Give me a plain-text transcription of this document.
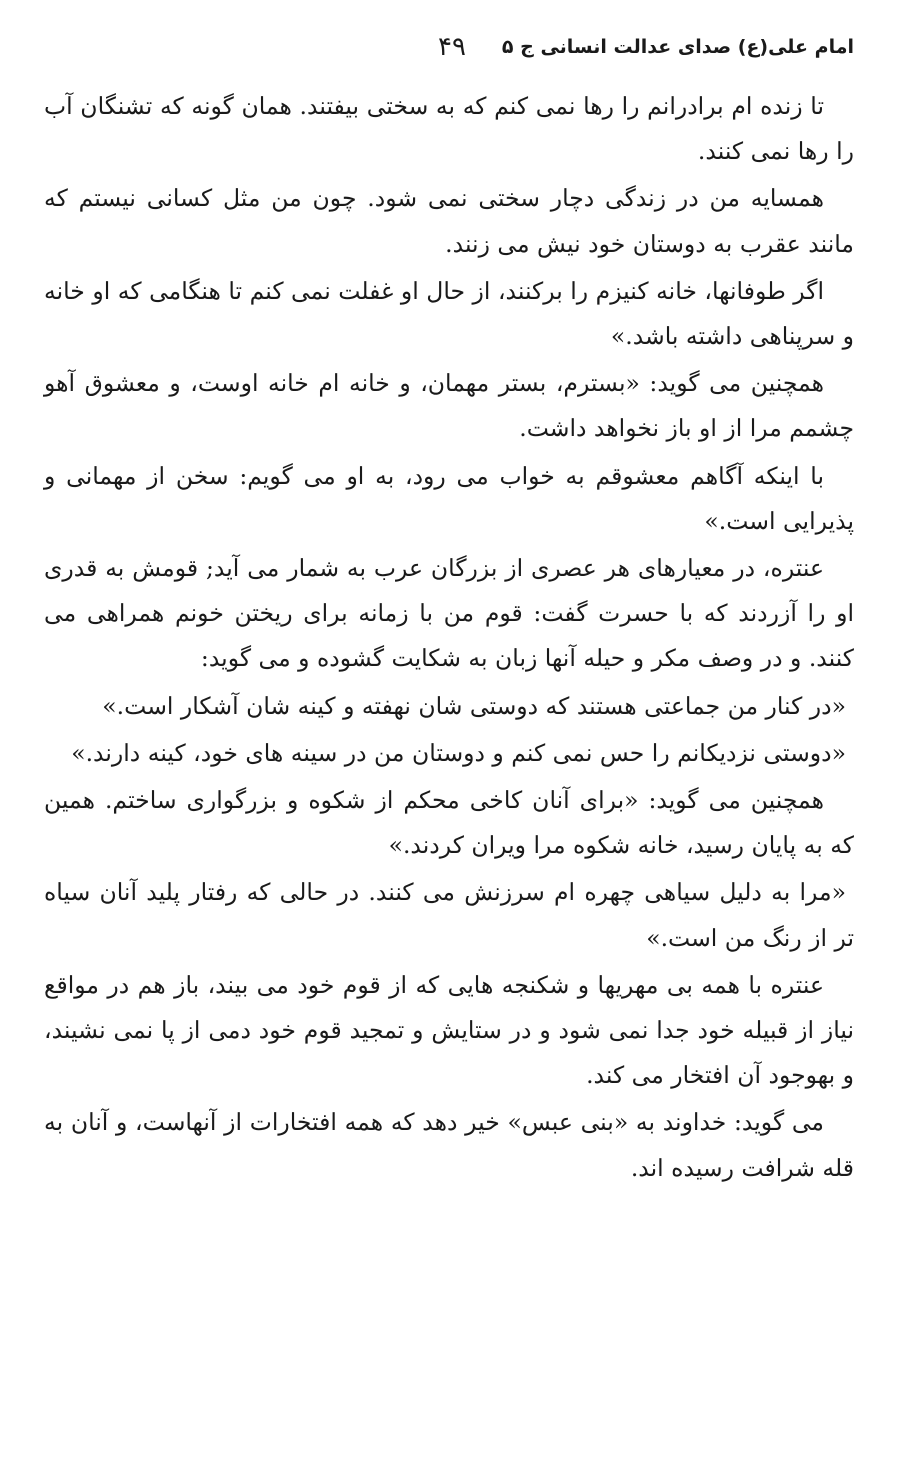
امام علی(ع) صدای عدالت انسانی ج ۵
۴۹

تا زنده ام برادرانم را رها نمی کنم که به سختی بیفتند. همان گونه که تشنگان آب را رها نمی کنند.

همسایه من در زندگی دچار سختی نمی شود. چون من مثل کسانی نیستم که مانند عقرب به دوستان خود نیش می زنند.

اگر طوفانها، خانه کنیزم را برکنند، از حال او غفلت نمی کنم تا هنگامی که او خانه و سرپناهی داشته باشد.»

همچنین می گوید: «بسترم، بستر مهمان، و خانه ام خانه اوست، و معشوق آهو چشمم مرا از او باز نخواهد داشت.

با اینکه آگاهم معشوقم به خواب می رود، به او می گویم: سخن از مهمانی و پذیرایی است.»

عنتره، در معیارهای هر عصری از بزرگان عرب به شمار می آید; قومش به قدری او را آزردند که با حسرت گفت: قوم من با زمانه برای ریختن خونم همراهی می کنند. و در وصف مکر و حیله آنها زبان به شکایت گشوده و می گوید:

«در کنار من جماعتی هستند که دوستی شان نهفته و کینه شان آشکار است.»

«دوستی نزدیکانم را حس نمی کنم و دوستان من در سینه های خود، کینه دارند.»

همچنین می گوید: «برای آنان کاخی محکم از شکوه و بزرگواری ساختم. همین که به پایان رسید، خانه شکوه مرا ویران کردند.»

«مرا به دلیل سیاهی چهره ام سرزنش می کنند. در حالی که رفتار پلید آنان سیاه تر از رنگ من است.»

عنتره با همه بی مهریها و شکنجه هایی که از قوم خود می بیند، باز هم در مواقع نیاز از قبیله خود جدا نمی شود و در ستایش و تمجید قوم خود دمی از پا نمی نشیند، و بهوجود آن افتخار می کند.

می گوید: خداوند به «بنی عبس» خیر دهد که همه افتخارات از آنهاست، و آنان به قله شرافت رسیده اند.
